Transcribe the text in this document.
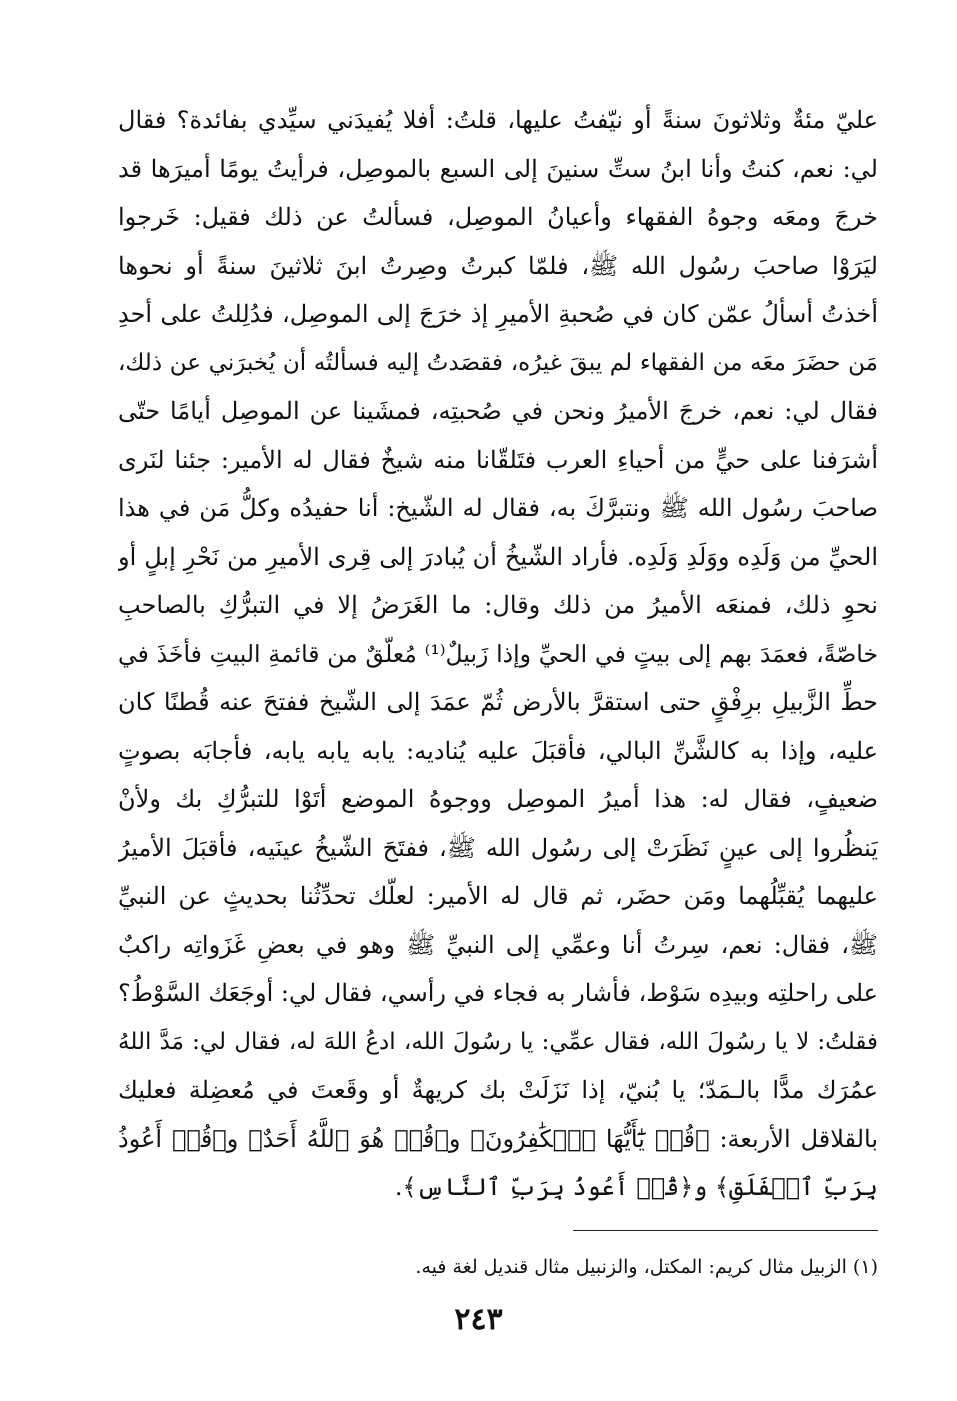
عليّ مئةٌ وثلاثونَ سنةً أو نيّفتُ عليها، قلتُ: أفلا يُفيدَني سيِّدي بفائدة؟ فقال
لي: نعم، كنتُ وأنا ابنُ ستِّ سنينَ إلى السبع بالموصِل، فرأيتُ يومًا أميرَها قد
خرجَ ومعَه وجوهُ الفقهاء وأعيانُ الموصِل، فسألتُ عن ذلك فقيل: خَرجوا
ليَرَوْا صاحبَ رسُول الله ﷺ، فلمّا كبرتُ وصِرتُ ابنَ ثلاثينَ سنةً أو نحوها
أخذتُ أسألُ عمّن كان في صُحبةِ الأميرِ إذ خرَجَ إلى الموصِل، فدُلِلتُ على أحدِ
مَن حضَرَ معَه من الفقهاء لم يبقَ غيرُه، فقصَدتُ إليه فسألتُه أن يُخبرَني عن ذلك،
فقال لي: نعم، خرجَ الأميرُ ونحن في صُحبتِه، فمشَينا عن الموصِل أيامًا حتّى
أشرَفنا على حيٍّ من أحياءِ العرب فتَلقّانا منه شيخٌ فقال له الأمير: جئنا لنَرى
صاحبَ رسُول الله ﷺ ونتبرَّكَ به، فقال له الشّيخ: أنا حفيدُه وكلُّ مَن في هذا
الحيِّ من وَلَدِه ووَلَدِ وَلَدِه. فأراد الشّيخُ أن يُبادرَ إلى قِرى الأميرِ من نَحْرِ إبلٍ أو
نحوِ ذلك، فمنعَه الأميرُ من ذلك وقال: ما الغَرَضُ إلا في التبرُّكِ بالصاحبِ
خاصّةً، فعمَدَ بهم إلى بيتٍ في الحيِّ وإذا زَبيلٌ⁽¹⁾ مُعلّقٌ من قائمةِ البيتِ فأخَذَ في
حطِّ الزَّبيلِ برِفْقٍ حتى استقرَّ بالأرض ثُمّ عمَدَ إلى الشّيخ ففتحَ عنه قُطنًا كان
عليه، وإذا به كالشَّنِّ البالي، فأقبَلَ عليه يُناديه: يابه يابه يابه، فأجابَه بصوتٍ
ضعيفٍ، فقال له: هذا أميرُ الموصِل ووجوهُ الموضع أتَوْا للتبرُّكِ بك ولأنْ
يَنظُروا إلى عينٍ نَظَرَتْ إلى رسُول الله ﷺ، ففتَحَ الشّيخُ عينَيه، فأقبَلَ الأميرُ
عليهما يُقبِّلُهما ومَن حضَر، ثم قال له الأمير: لعلّك تحدِّثُنا بحديثٍ عن النبيِّ
ﷺ، فقال: نعم، سِرتُ أنا وعمِّي إلى النبيِّ ﷺ وهو في بعضِ غَزَواتِه راكبٌ
على راحلتِه وبيدِه سَوْط، فأشار به فجاء في رأسي، فقال لي: أوجَعَك السَّوْطُ؟
فقلتُ: لا يا رسُولَ الله، فقال عمِّي: يا رسُولَ الله، ادعُ اللهَ له، فقال لي: مَدَّ اللهُ
عمُرَك مدًّا بالـمَدّ؛ يا بُنيّ، إذا نَزَلَتْ بك كريهةٌ أو وقَعتَ في مُعضِلة فعليك
بالقلاقل الأربعة: ﴿قُلۡ يَٰٓأَيُّهَا ٱلۡكَٰفِرُونَ﴾ و﴿قُلۡ هُوَ ٱللَّهُ أَحَدٌ﴾ و﴿قُلۡ أَعُوذُ
بِرَبِّ ٱلۡفَلَقِ﴾ و﴿قُلۡ أَعُوذُ بِرَبِّ ٱلنَّاسِ﴾.
(١) الزبيل مثال كريم: المكتل، والزنبيل مثال قنديل لغة فيه.
٢٤٣
